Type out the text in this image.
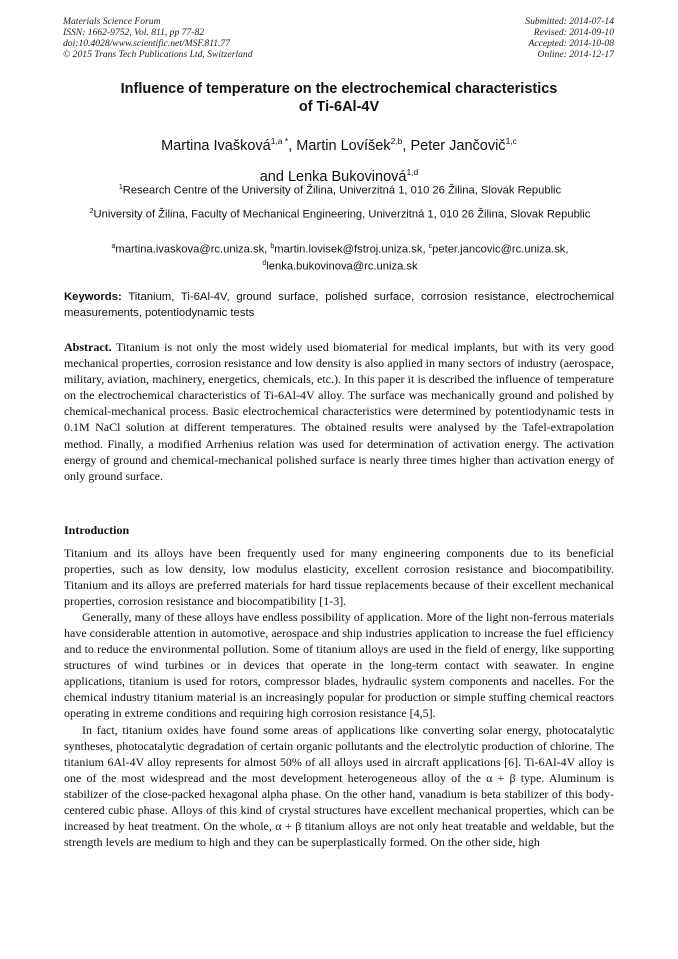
Materials Science Forum
ISSN: 1662-9752, Vol. 811, pp 77-82
doi:10.4028/www.scientific.net/MSF.811.77
© 2015 Trans Tech Publications Ltd, Switzerland
Submitted: 2014-07-14
Revised: 2014-09-10
Accepted: 2014-10-08
Online: 2014-12-17
Influence of temperature on the electrochemical characteristics
of Ti-6Al-4V
Martina Ivašková$^{1,a *}$, Martin Lovíšek$^{2,b}$, Peter Jančovič$^{1,c}$
and Lenka Bukovinová$^{1,d}$
$^1$Research Centre of the University of Žilina, Univerzitná 1, 010 26 Žilina, Slovak Republic
$^2$University of Žilina, Faculty of Mechanical Engineering, Univerzitná 1, 010 26 Žilina, Slovak Republic
$^a$martina.ivaskova@rc.uniza.sk, $^b$martin.lovisek@fstroj.uniza.sk, $^c$peter.jancovic@rc.uniza.sk,
$^d$lenka.bukovinova@rc.uniza.sk
Keywords: Titanium, Ti-6Al-4V, ground surface, polished surface, corrosion resistance, electrochemical measurements, potentiodynamic tests
Abstract. Titanium is not only the most widely used biomaterial for medical implants, but with its very good mechanical properties, corrosion resistance and low density is also applied in many sectors of industry (aerospace, military, aviation, machinery, energetics, chemicals, etc.). In this paper it is described the influence of temperature on the electrochemical characteristics of Ti-6Al-4V alloy. The surface was mechanically ground and polished by chemical-mechanical process. Basic electrochemical characteristics were determined by potentiodynamic tests in 0.1M NaCl solution at different temperatures. The obtained results were analysed by the Tafel-extrapolation method. Finally, a modified Arrhenius relation was used for determination of activation energy. The activation energy of ground and chemical-mechanical polished surface is nearly three times higher than activation energy of only ground surface.
Introduction

Titanium and its alloys have been frequently used for many engineering components due to its beneficial properties, such as low density, low modulus elasticity, excellent corrosion resistance and biocompatibility. Titanium and its alloys are preferred materials for hard tissue replacements because of their excellent mechanical properties, corrosion resistance and biocompatibility [1-3].

Generally, many of these alloys have endless possibility of application. More of the light non-ferrous materials have considerable attention in automotive, aerospace and ship industries application to increase the fuel efficiency and to reduce the environmental pollution. Some of titanium alloys are used in the field of energy, like supporting structures of wind turbines or in devices that operate in the long-term contact with seawater. In engine applications, titanium is used for rotors, compressor blades, hydraulic system components and nacelles. For the chemical industry titanium material is an increasingly popular for production or simple stuffing chemical reactors operating in extreme conditions and requiring high corrosion resistance [4,5].

In fact, titanium oxides have found some areas of applications like converting solar energy, photocatalytic syntheses, photocatalytic degradation of certain organic pollutants and the electrolytic production of chlorine. The titanium 6Al-4V alloy represents for almost 50% of all alloys used in aircraft applications [6]. Ti-6Al-4V alloy is one of the most widespread and the most development heterogeneous alloy of the α + β type. Aluminum is stabilizer of the close-packed hexagonal alpha phase. On the other hand, vanadium is beta stabilizer of this body-centered cubic phase. Alloys of this kind of crystal structures have excellent mechanical properties, which can be increased by heat treatment. On the whole, α + β titanium alloys are not only heat treatable and weldable, but the strength levels are medium to high and they can be superplastically formed. On the other side, high
